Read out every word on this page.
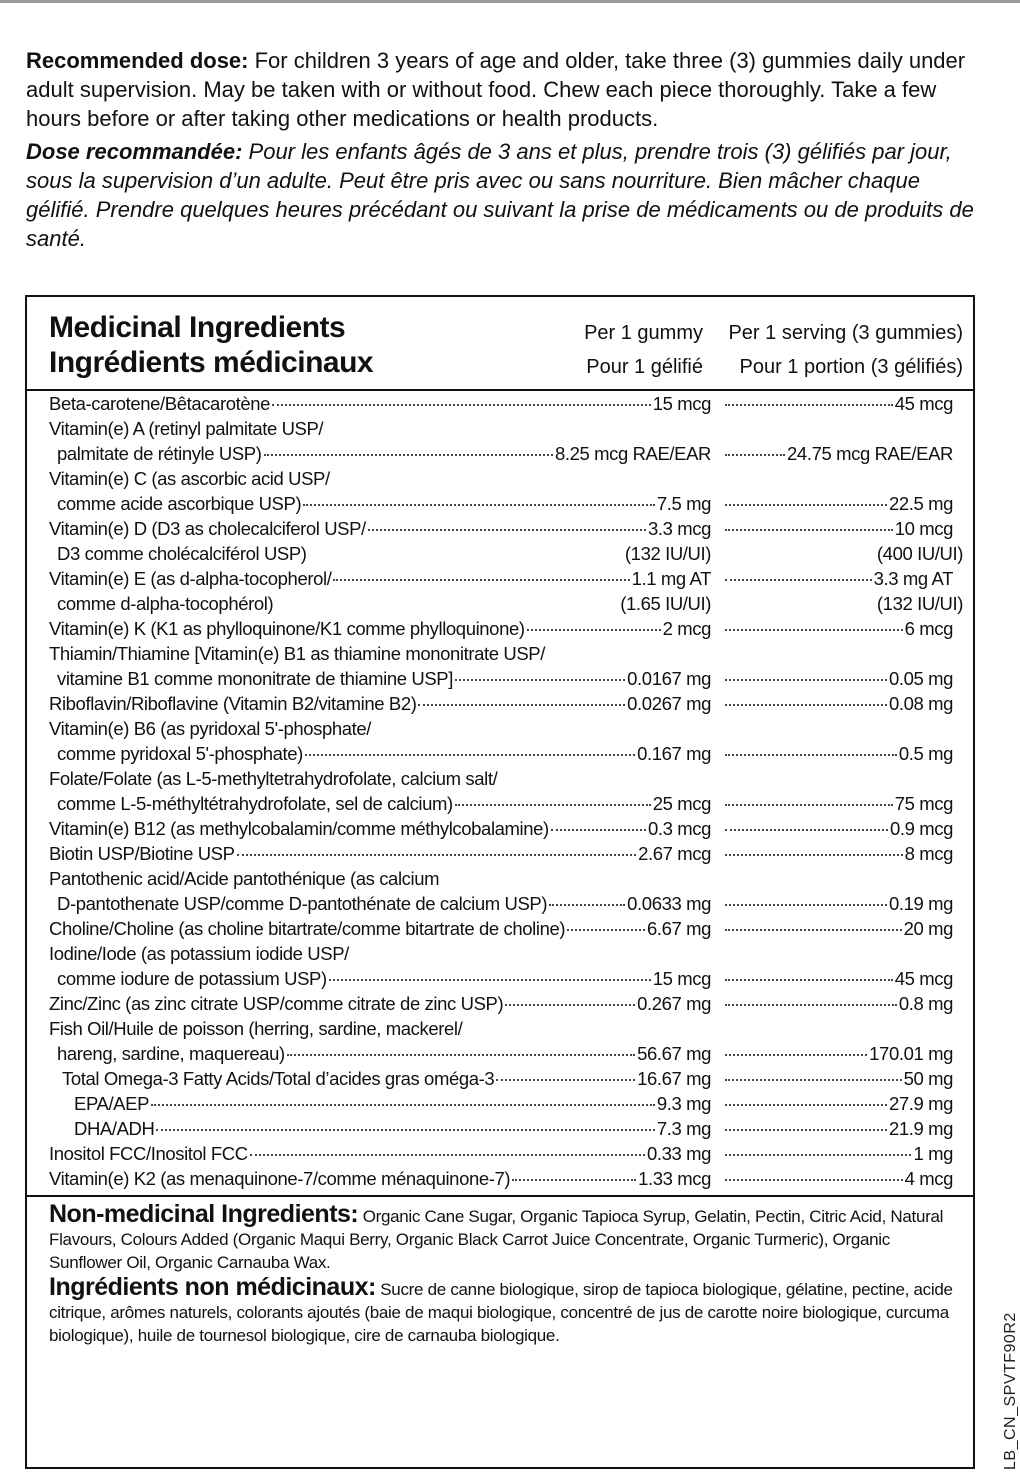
Recommended dose: For children 3 years of age and older, take three (3) gummies daily under adult supervision. May be taken with or without food. Chew each piece thoroughly. Take a few hours before or after taking other medications or health products.

Dose recommandée: Pour les enfants âgés de 3 ans et plus, prendre trois (3) gélifiés par jour, sous la supervision d’un adulte. Peut être pris avec ou sans nourriture. Bien mâcher chaque gélifié. Prendre quelques heures précédant ou suivant la prise de médicaments ou de produits de santé.

Medicinal Ingredients
Ingrédients médicinaux
Per 1 gummy
Pour 1 gélifié
Per 1 serving (3 gummies)
Pour 1 portion (3 gélifiés)
Beta-carotene/Bêtacarotène	15 mcg	45 mcg
Vitamin(e) A (retinyl palmitate USP/
palmitate de rétinyle USP)	8.25 mcg RAE/EAR	24.75 mcg RAE/EAR
Vitamin(e) C (as ascorbic acid USP/
comme acide ascorbique USP)	7.5 mg	22.5 mg
Vitamin(e) D (D3 as cholecalciferol USP/	3.3 mcg	10 mcg
D3 comme cholécalciférol USP)	(132 IU/UI)	(400 IU/UI)
Vitamin(e) E (as d-alpha-tocopherol/	1.1 mg AT	3.3 mg AT
comme d-alpha-tocophérol)	(1.65 IU/UI)	(132 IU/UI)
Vitamin(e) K (K1 as phylloquinone/K1 comme phylloquinone)	2 mcg	6 mcg
Thiamin/Thiamine [Vitamin(e) B1 as thiamine mononitrate USP/
vitamine B1 comme mononitrate de thiamine USP]	0.0167 mg	0.05 mg
Riboflavin/Riboflavine (Vitamin B2/vitamine B2)	0.0267 mg	0.08 mg
Vitamin(e) B6 (as pyridoxal 5'-phosphate/
comme pyridoxal 5'-phosphate)	0.167 mg	0.5 mg
Folate/Folate (as L-5-methyltetrahydrofolate, calcium salt/
comme L-5-méthyltétrahydrofolate, sel de calcium)	25 mcg	75 mcg
Vitamin(e) B12 (as methylcobalamin/comme méthylcobalamine)	0.3 mcg	0.9 mcg
Biotin USP/Biotine USP	2.67 mcg	8 mcg
Pantothenic acid/Acide pantothénique (as calcium
D-pantothenate USP/comme D-pantothénate de calcium USP)	0.0633 mg	0.19 mg
Choline/Choline (as choline bitartrate/comme bitartrate de choline)	6.67 mg	20 mg
Iodine/Iode (as potassium iodide USP/
comme iodure de potassium USP)	15 mcg	45 mcg
Zinc/Zinc (as zinc citrate USP/comme citrate de zinc USP)	0.267 mg	0.8 mg
Fish Oil/Huile de poisson (herring, sardine, mackerel/
hareng, sardine, maquereau)	56.67 mg	170.01 mg
Total Omega-3 Fatty Acids/Total d’acides gras oméga-3	16.67 mg	50 mg
EPA/AEP	9.3 mg	27.9 mg
DHA/ADH	7.3 mg	21.9 mg
Inositol FCC/Inositol FCC	0.33 mg	1 mg
Vitamin(e) K2 (as menaquinone-7/comme ménaquinone-7)	1.33 mcg	4 mcg
Non-medicinal Ingredients: Organic Cane Sugar, Organic Tapioca Syrup, Gelatin, Pectin, Citric Acid, Natural Flavours, Colours Added (Organic Maqui Berry, Organic Black Carrot Juice Concentrate, Organic Turmeric), Organic Sunflower Oil, Organic Carnauba Wax.
Ingrédients non médicinaux: Sucre de canne biologique, sirop de tapioca biologique, gélatine, pectine, acide citrique, arômes naturels, colorants ajoutés (baie de maqui biologique, concentré de jus de carotte noire biologique, curcuma biologique), huile de tournesol biologique, cire de carnauba biologique.	LB_CN_SPVTF90R2
